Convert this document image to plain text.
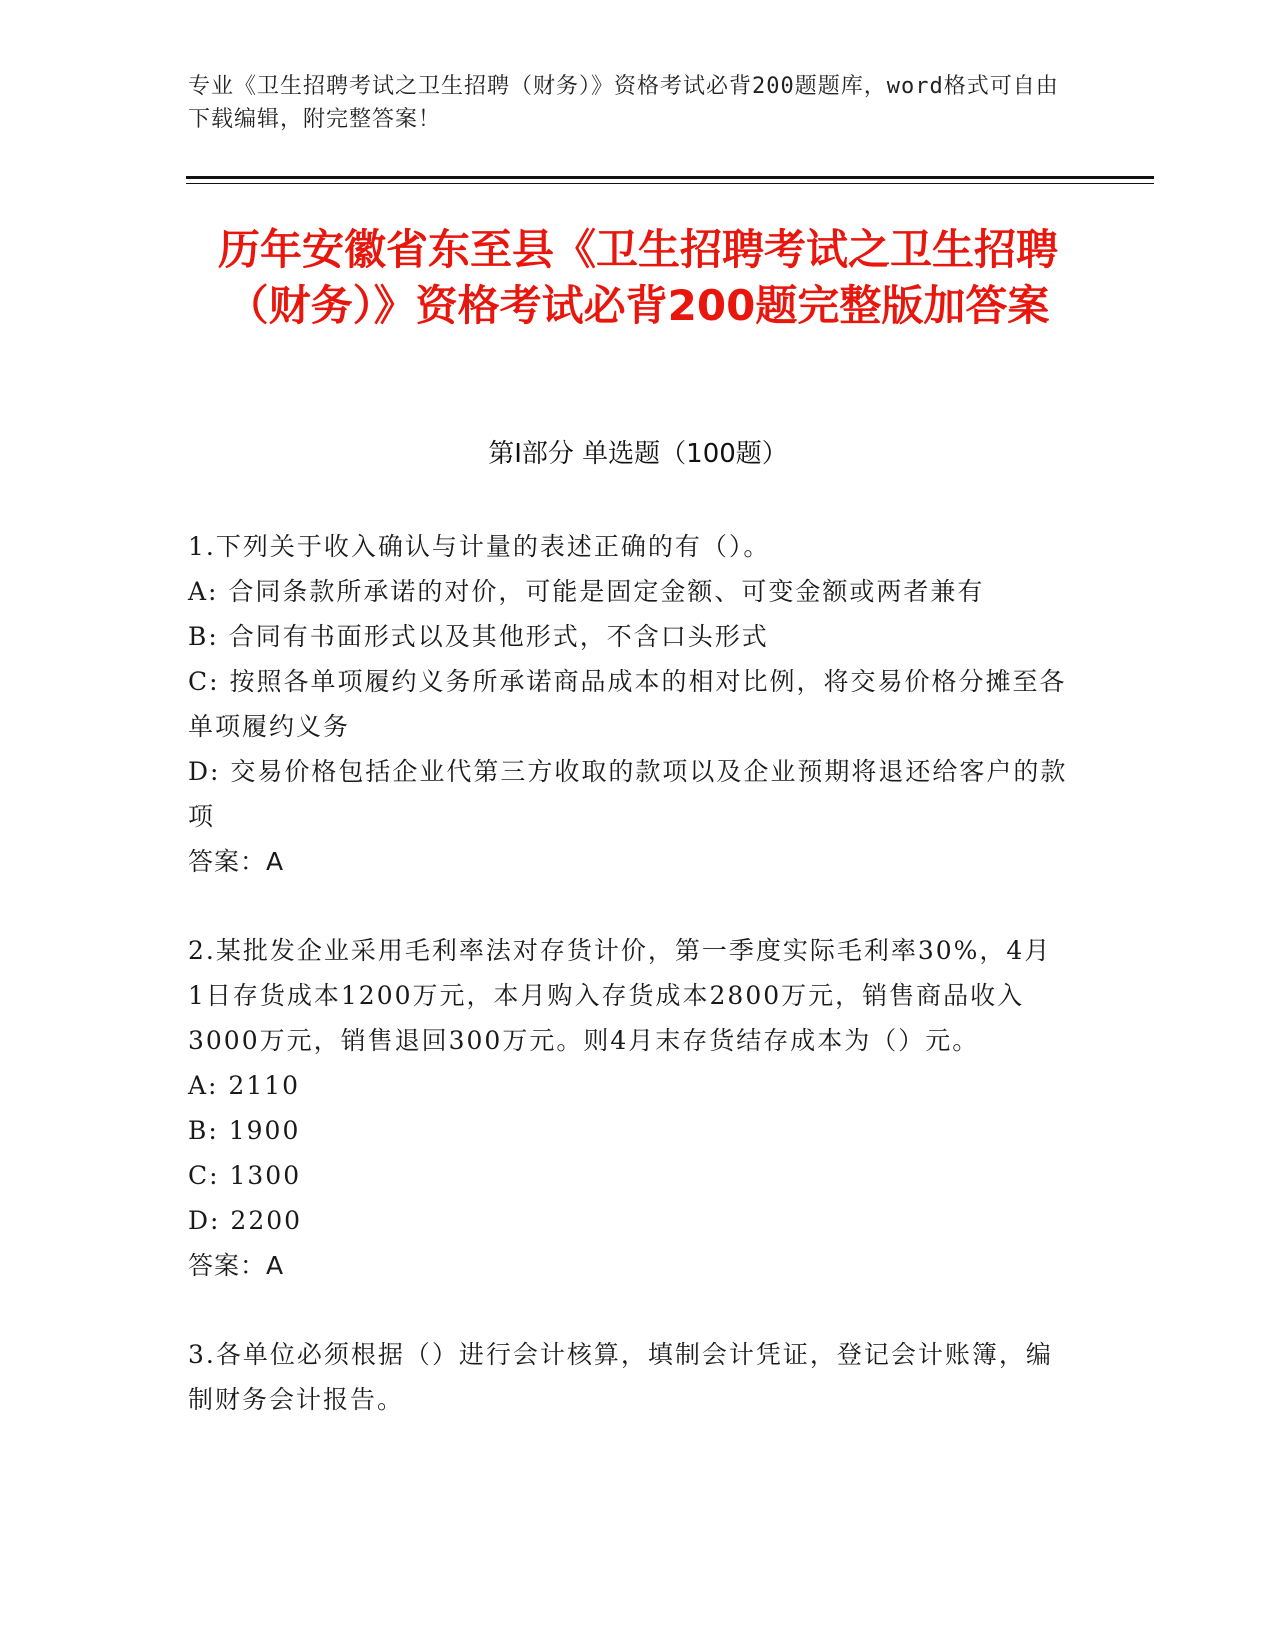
专业《卫生招聘考试之卫生招聘（财务）》资格考试必背200题题库，word格式可自由下载编辑，附完整答案！
历年安徽省东至县《卫生招聘考试之卫生招聘（财务）》资格考试必背200题完整版加答案
第I部分 单选题（100题）

1.下列关于收入确认与计量的表述正确的有（）。

A: 合同条款所承诺的对价，可能是固定金额、可变金额或两者兼有

B: 合同有书面形式以及其他形式，不含口头形式

C: 按照各单项履约义务所承诺商品成本的相对比例，将交易价格分摊至各单项履约义务

D: 交易价格包括企业代第三方收取的款项以及企业预期将退还给客户的款项

答案：A

2.某批发企业采用毛利率法对存货计价，第一季度实际毛利率30%，4月1日存货成本1200万元，本月购入存货成本2800万元，销售商品收入3000万元，销售退回300万元。则4月末存货结存成本为（）元。

A: 2110

B: 1900

C: 1300

D: 2200

答案：A

3.各单位必须根据（）进行会计核算，填制会计凭证，登记会计账簿，编制财务会计报告。
